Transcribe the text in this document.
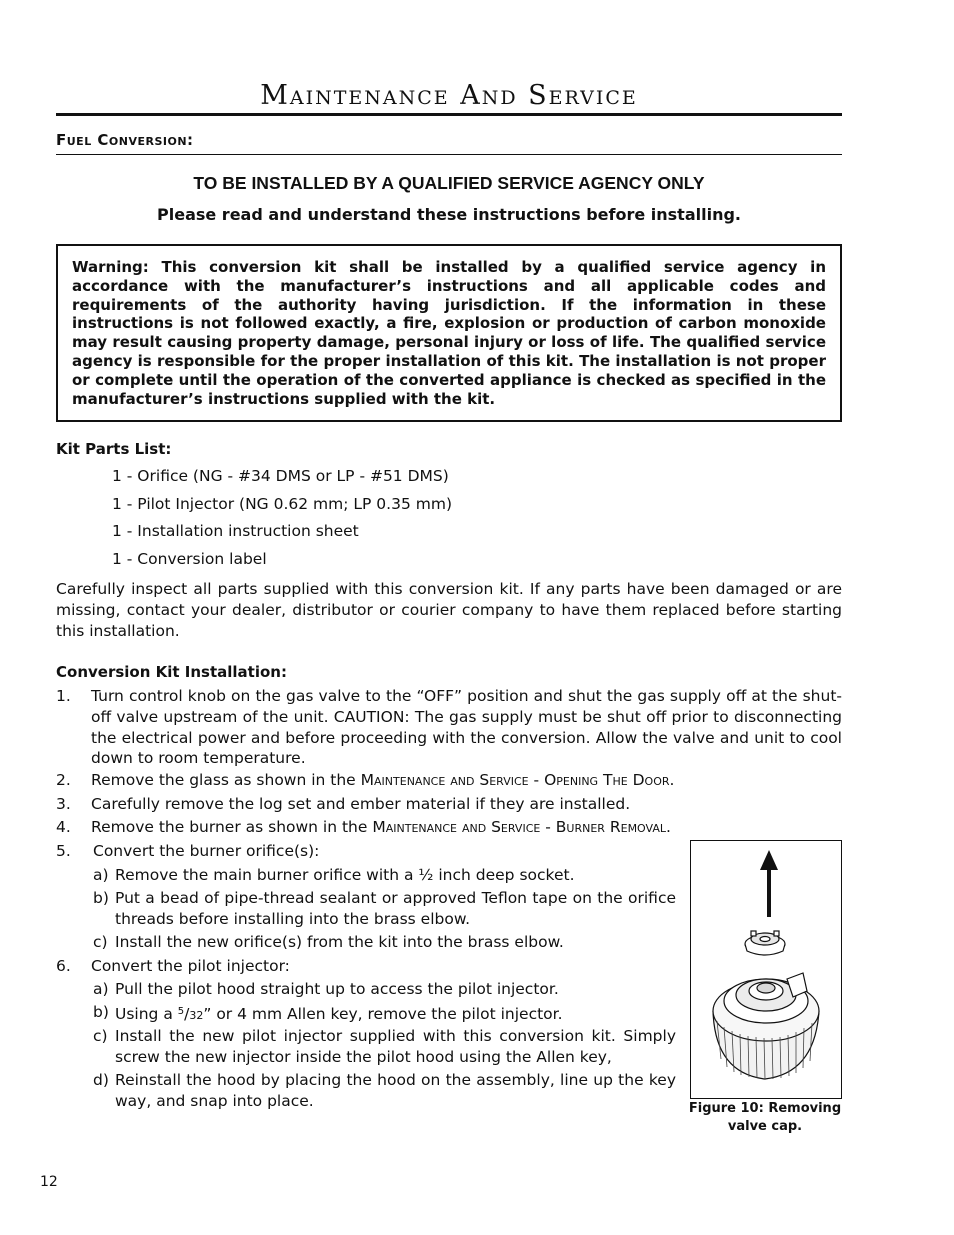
Maintenance And Service
Fuel Conversion:
TO BE INSTALLED BY A QUALIFIED SERVICE AGENCY ONLY
Please read and understand these instructions before installing.

Warning: This conversion kit shall be installed by a qualified service agency in accordance with the manufacturer’s instructions and all applicable codes and requirements of the authority having jurisdiction. If the information in these instructions is not followed exactly, a fire, explosion or production of carbon monoxide may result causing property damage, personal injury or loss of life. The qualified service agency is responsible for the proper installation of this kit. The installation is not proper or complete until the operation of the converted appliance is checked as specified in the manufacturer’s instructions supplied with the kit.

Kit Parts List:
1 - Orifice (NG - #34 DMS or LP - #51 DMS)
1 - Pilot Injector (NG 0.62 mm; LP 0.35 mm)
1 - Installation instruction sheet
1 - Conversion label

Carefully inspect all parts supplied with this conversion kit. If any parts have been damaged or are missing, contact your dealer, distributor or courier company to have them replaced before starting this installation.

Conversion Kit Installation:
1. Turn control knob on the gas valve to the “OFF” position and shut the gas supply off at the shut-off valve upstream of the unit. CAUTION: The gas supply must be shut off prior to disconnecting the electrical power and before proceeding with the conversion. Allow the valve and unit to cool down to room temperature.
2. Remove the glass as shown in the Maintenance and Service - Opening The Door.
3. Carefully remove the log set and ember material if they are installed.
4. Remove the burner as shown in the Maintenance and Service - Burner Removal.
5. Convert the burner orifice(s):
a) Remove the main burner orifice with a ½ inch deep socket.
b) Put a bead of pipe-thread sealant or approved Teflon tape on the orifice threads before installing into the brass elbow.
c) Install the new orifice(s) from the kit into the brass elbow.
6. Convert the pilot injector:
a) Pull the pilot hood straight up to access the pilot injector.
b) Using a $^5$/32” or 4 mm Allen key, remove the pilot injector.
c) Install the new pilot injector supplied with this conversion kit. Simply screw the new injector inside the pilot hood using the Allen key,
d) Reinstall the hood by placing the hood on the assembly, line up the key way, and snap into place.	Figure 10: Removing valve cap.
12
